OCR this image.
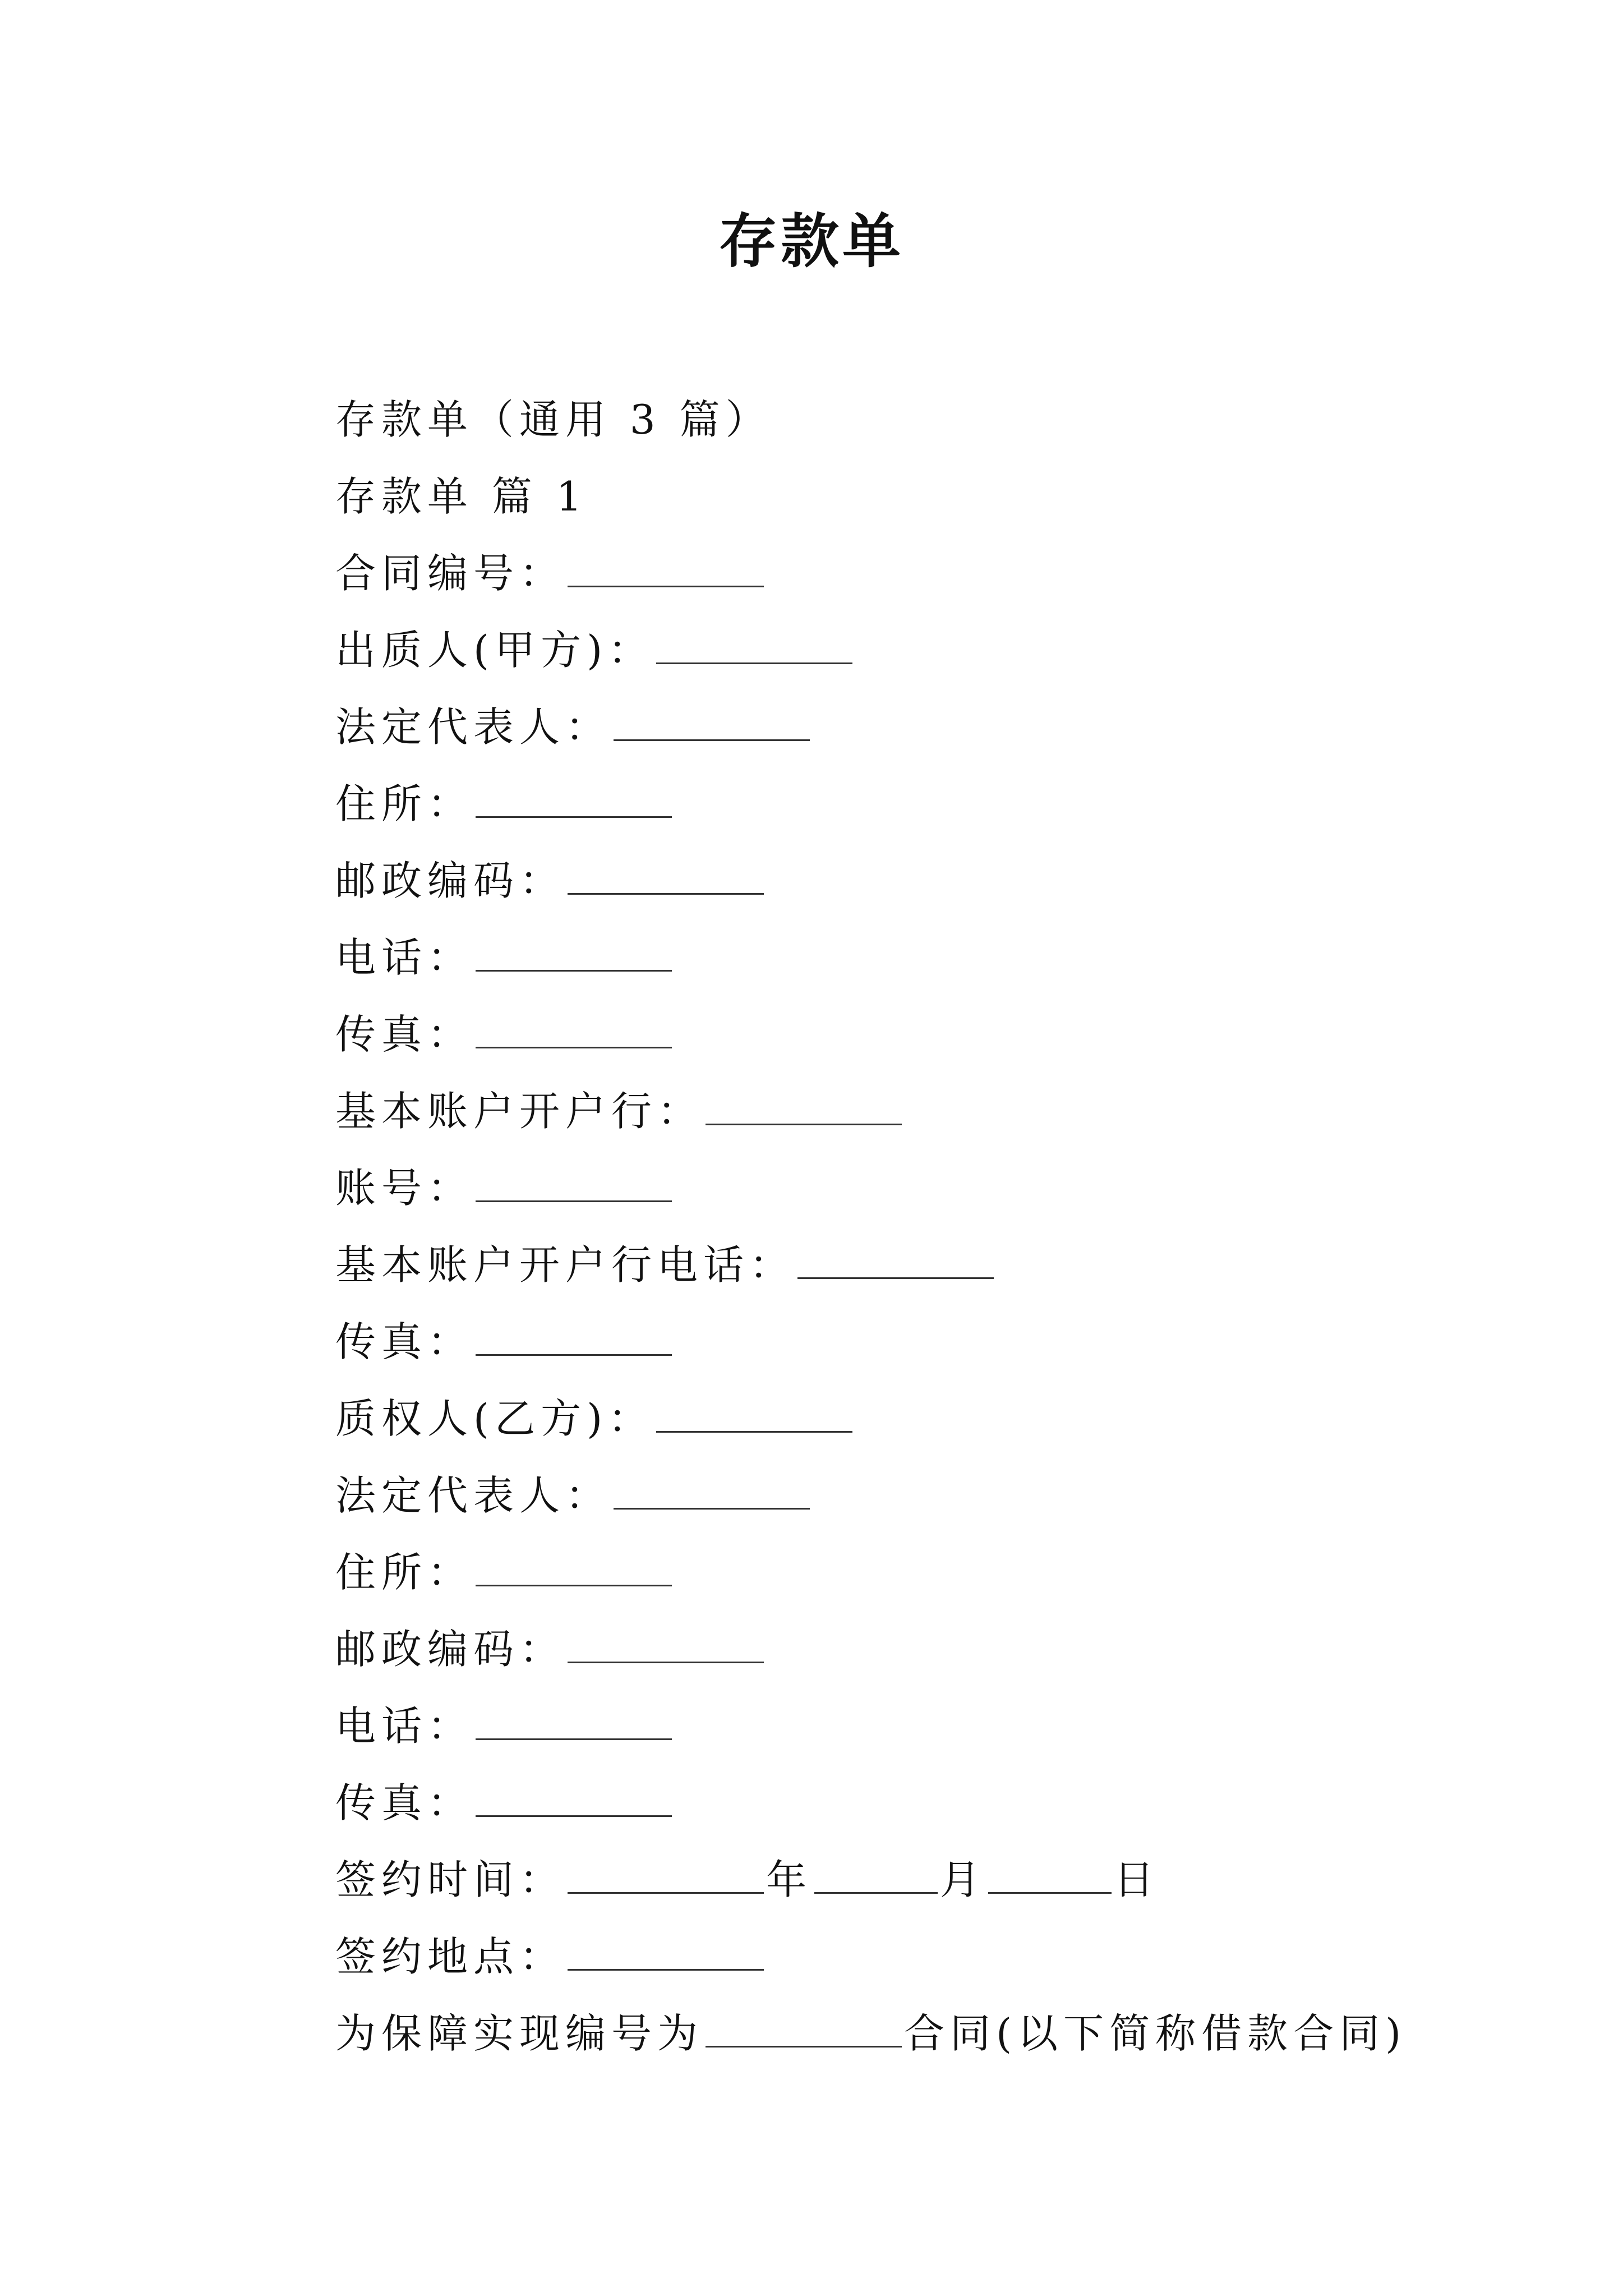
存款单
存款单（通用 3 篇）
存款单 篇 1
合同编号：
出质人(甲方)：
法定代表人：
住所：
邮政编码：
电话：
传真：
基本账户开户行：
账号：
基本账户开户行电话：
传真：
质权人(乙方)：
法定代表人：
住所：
邮政编码：
电话：
传真：
签约时间：	年	月	日
签约地点：
为保障实现编号为	合同(以下简称借款合同)
